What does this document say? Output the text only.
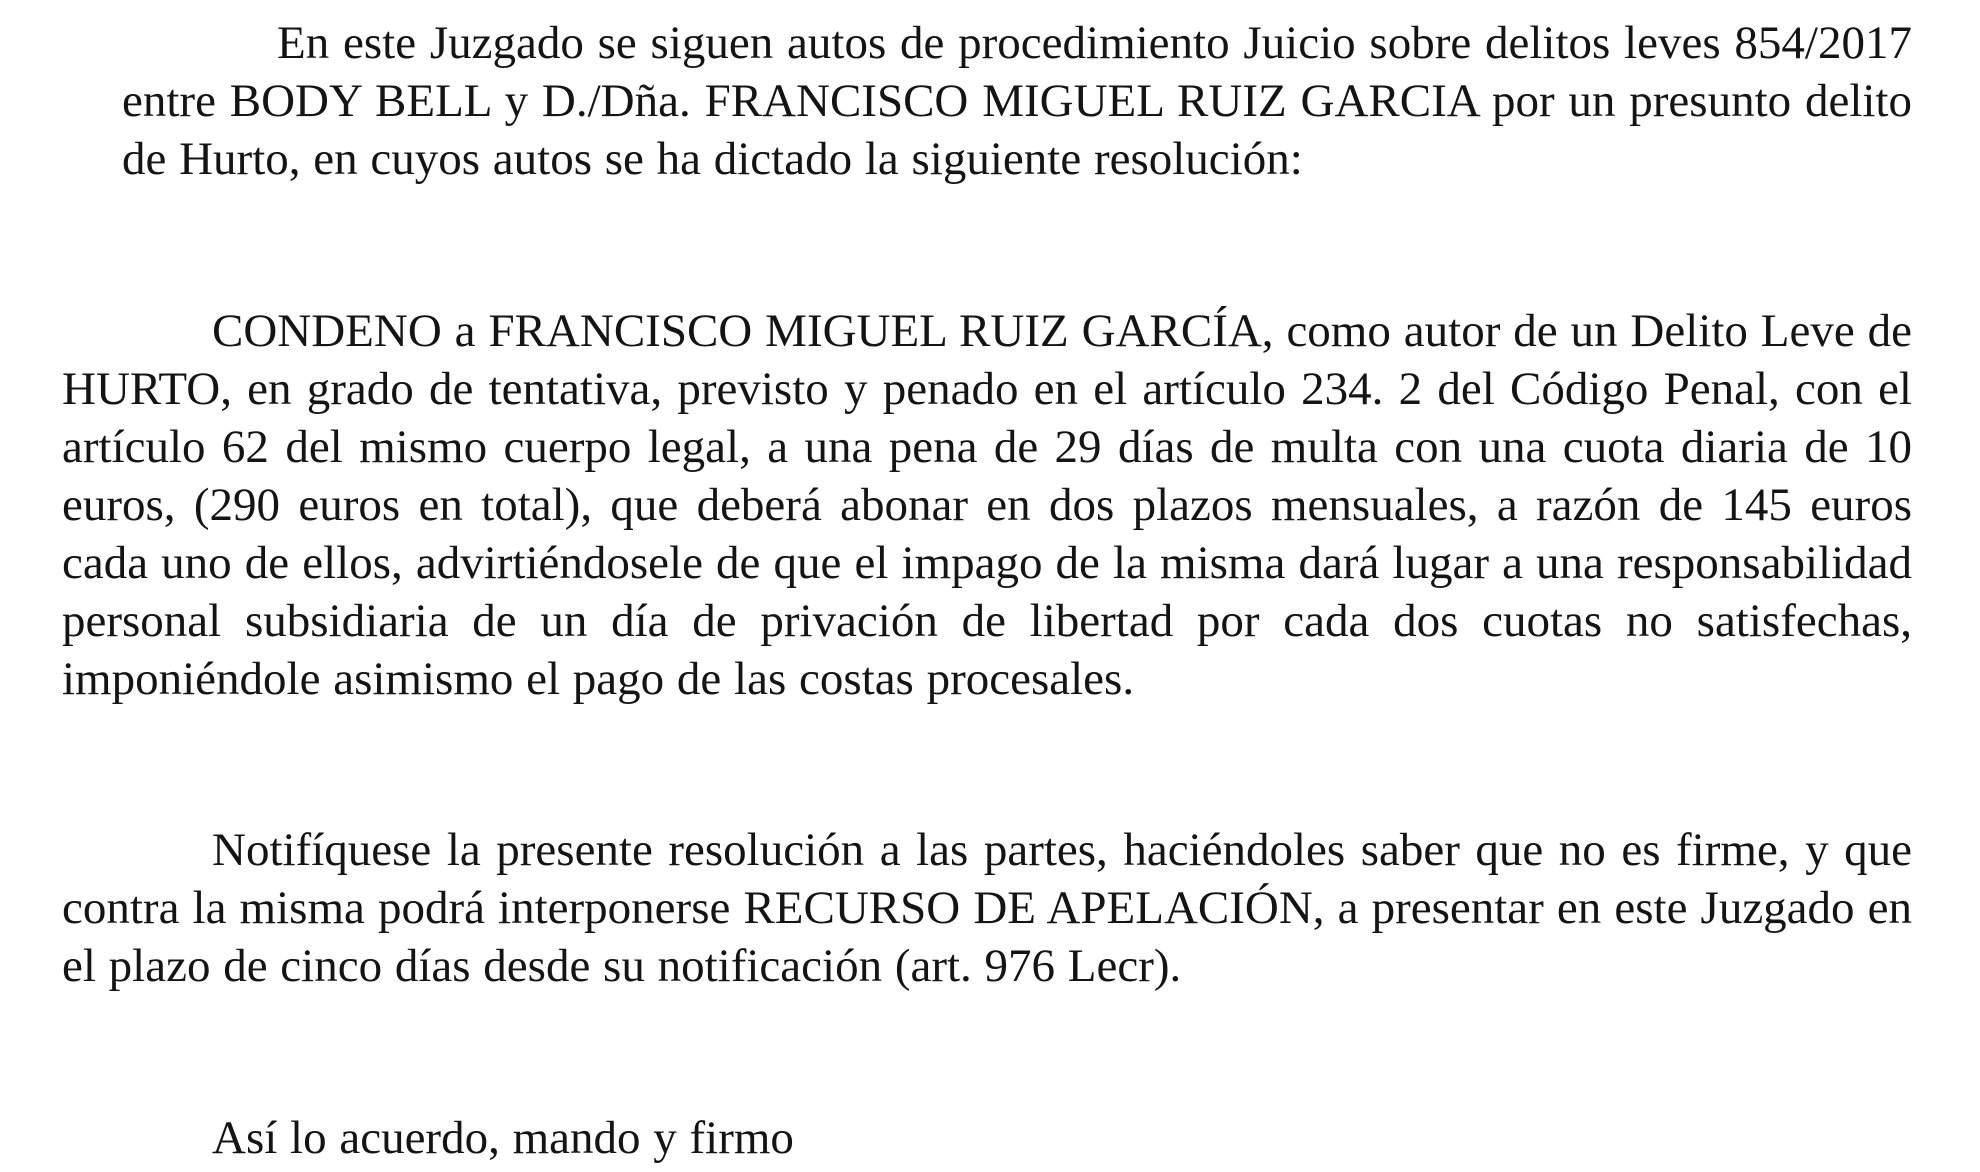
En este Juzgado se siguen autos de procedimiento Juicio sobre delitos leves 854/2017 entre BODY BELL y D./Dña. FRANCISCO MIGUEL RUIZ GARCIA por un presunto delito de Hurto, en cuyos autos se ha dictado la siguiente resolución:

CONDENO a FRANCISCO MIGUEL RUIZ GARCÍA, como autor de un Delito Leve de HURTO, en grado de tentativa, previsto y penado en el artículo 234. 2 del Código Penal, con el artículo 62 del mismo cuerpo legal, a una pena de 29 días de multa con una cuota diaria de 10 euros, (290 euros en total), que deberá abonar en dos plazos mensuales, a razón de 145 euros cada uno de ellos, advirtiéndosele de que el impago de la misma dará lugar a una responsabilidad personal subsidiaria de un día de privación de libertad por cada dos cuotas no satisfechas, imponiéndole asimismo el pago de las costas procesales.

Notifíquese la presente resolución a las partes, haciéndoles saber que no es firme, y que contra la misma podrá interponerse RECURSO DE APELACIÓN, a presentar en este Juzgado en el plazo de cinco días desde su notificación (art. 976 Lecr).

Así lo acuerdo, mando y firmo
